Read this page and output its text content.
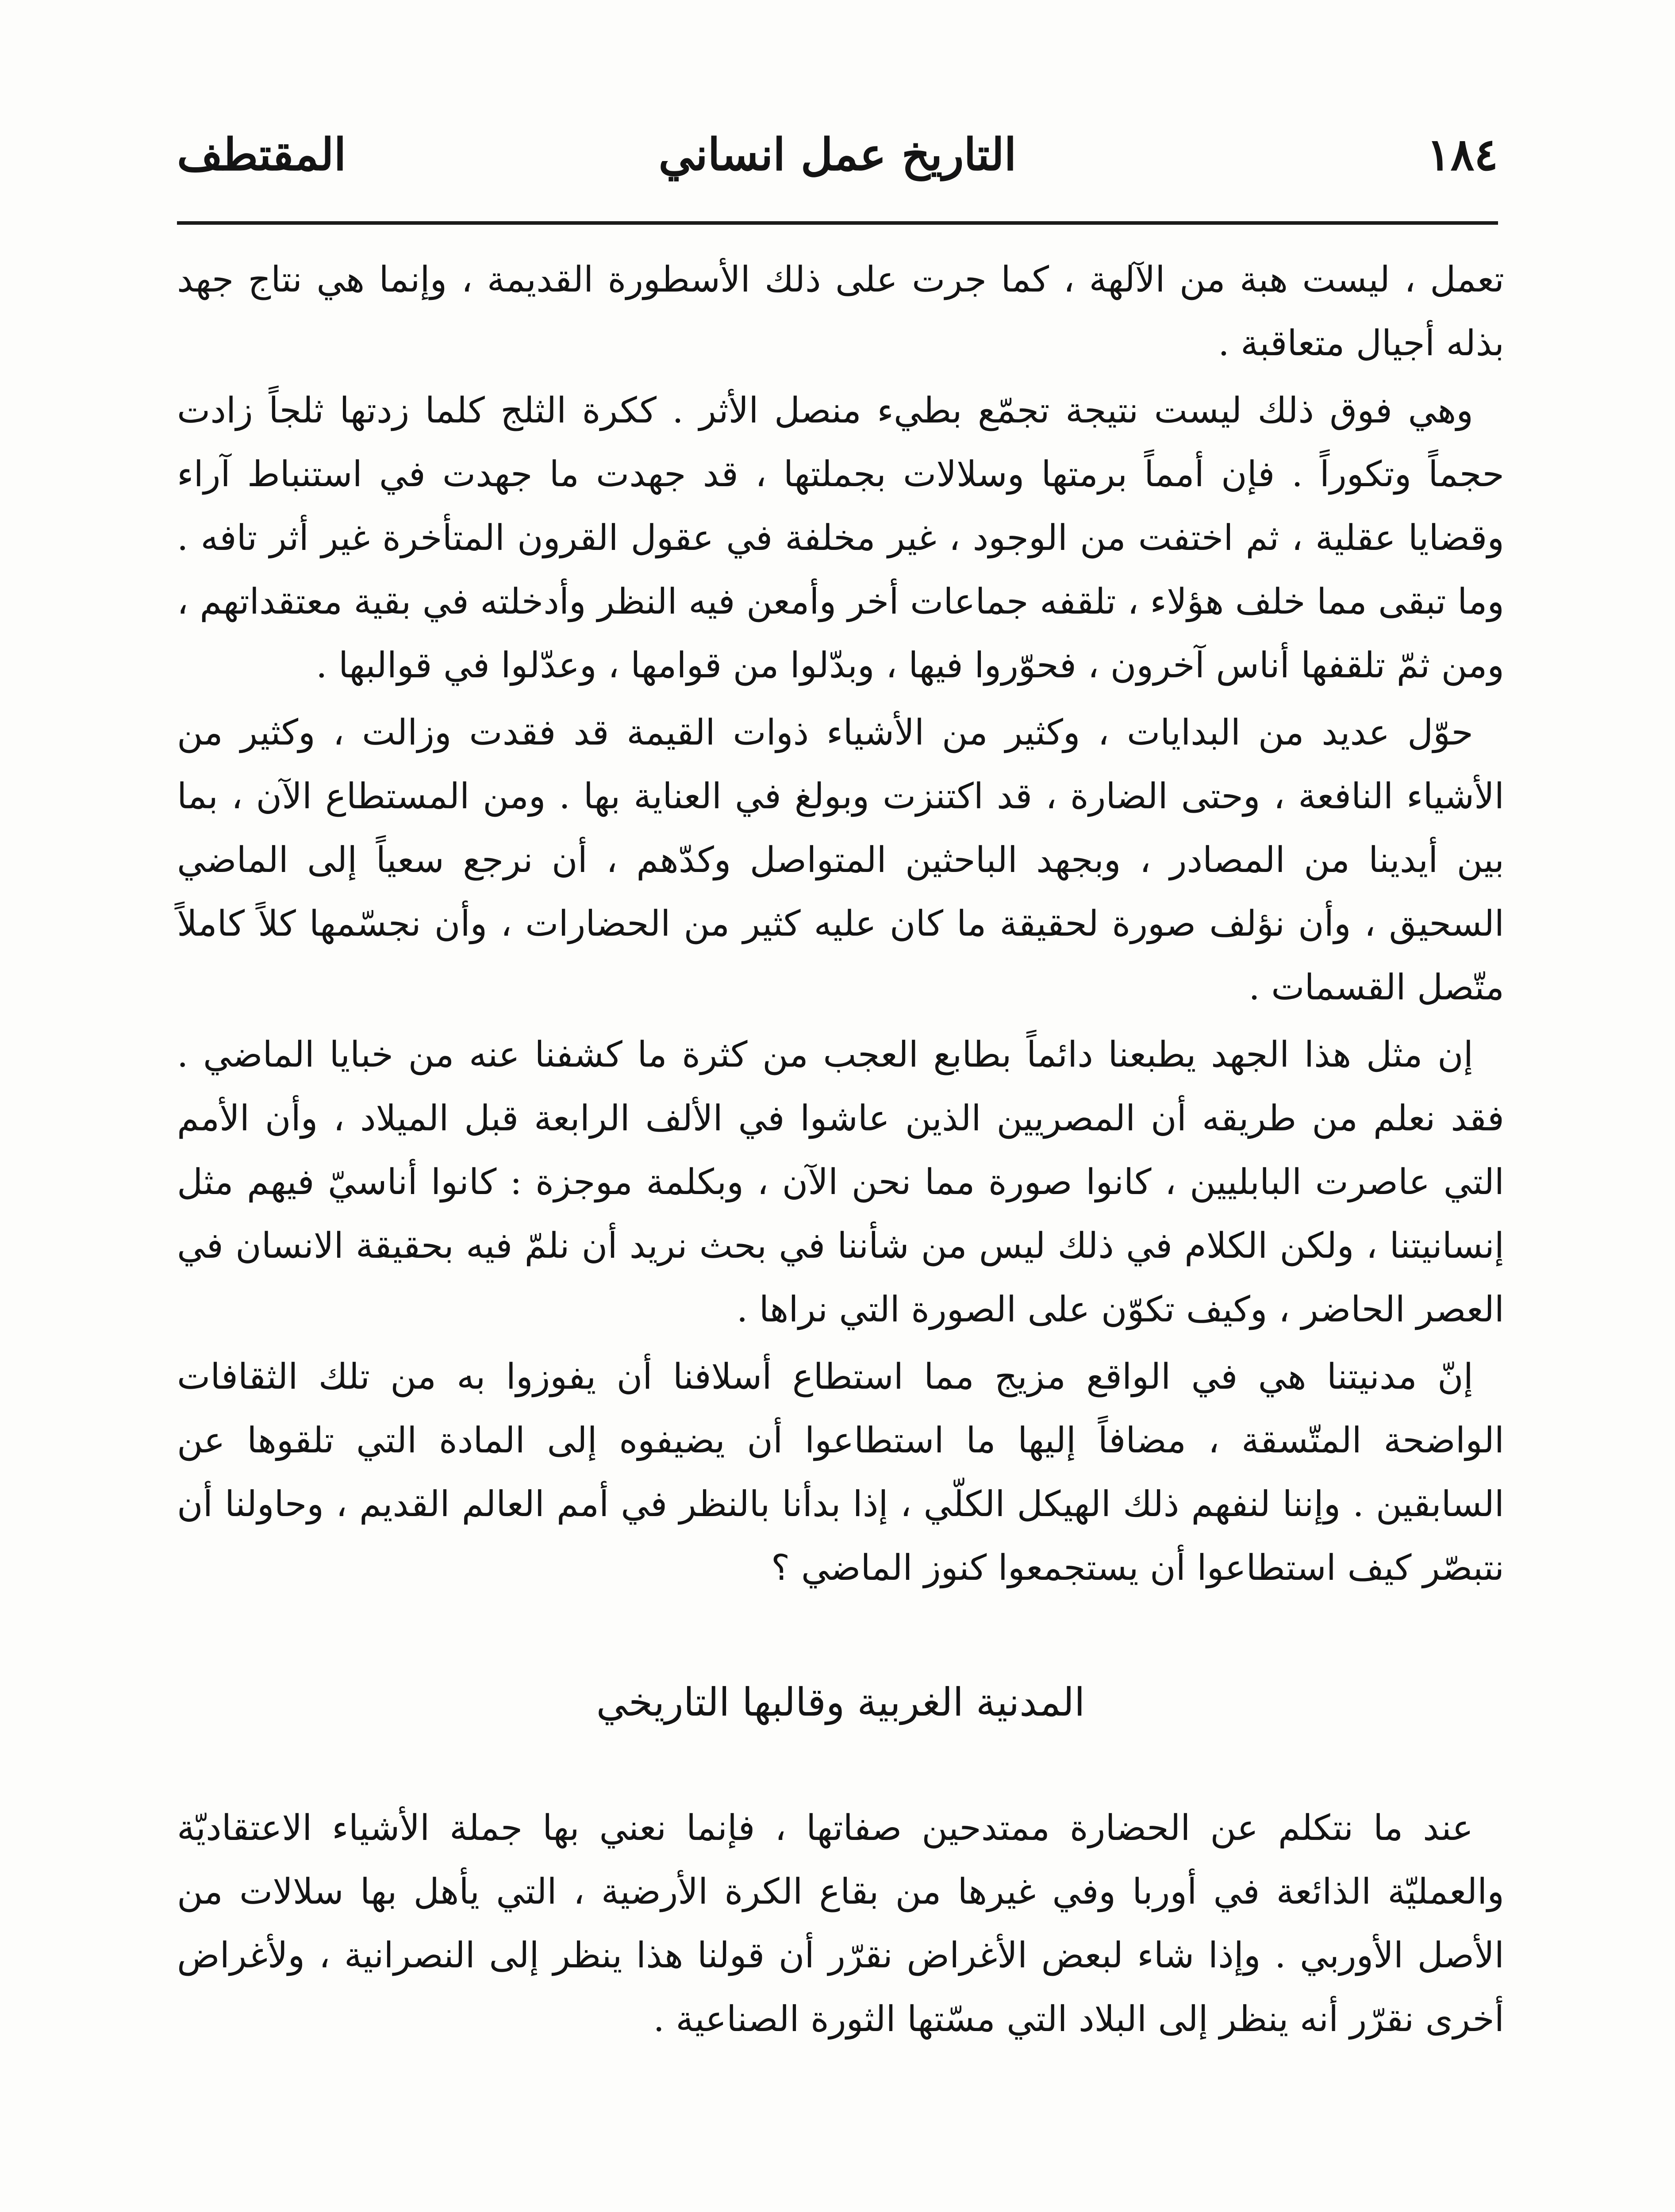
١٨٤
التاريخ عمل انساني
المقتطف

تعمل ، ليست هبة من الآلهة ، كما جرت على ذلك الأسطورة القديمة ، وإنما هي نتاج جهد بذله أجيال متعاقبة .

وهي فوق ذلك ليست نتيجة تجمّع بطيء منصل الأثر . ككرة الثلج كلما زدتها ثلجاً زادت حجماً وتكوراً . فإن أمماً برمتها وسلالات بجملتها ، قد جهدت ما جهدت في استنباط آراء وقضايا عقلية ، ثم اختفت من الوجود ، غير مخلفة في عقول القرون المتأخرة غير أثر تافه . وما تبقى مما خلف هؤلاء ، تلقفه جماعات أخر وأمعن فيه النظر وأدخلته في بقية معتقداتهم ، ومن ثمّ تلقفها أناس آخرون ، فحوّروا فيها ، وبدّلوا من قوامها ، وعدّلوا في قوالبها .

حوّل عديد من البدايات ، وكثير من الأشياء ذوات القيمة قد فقدت وزالت ، وكثير من الأشياء النافعة ، وحتى الضارة ، قد اكتنزت وبولغ في العناية بها . ومن المستطاع الآن ، بما بين أيدينا من المصادر ، وبجهد الباحثين المتواصل وكدّهم ، أن نرجع سعياً إلى الماضي السحيق ، وأن نؤلف صورة لحقيقة ما كان عليه كثير من الحضارات ، وأن نجسّمها كلاً كاملاً متّصل القسمات .

إن مثل هذا الجهد يطبعنا دائماً بطابع العجب من كثرة ما كشفنا عنه من خبايا الماضي . فقد نعلم من طريقه أن المصريين الذين عاشوا في الألف الرابعة قبل الميلاد ، وأن الأمم التي عاصرت البابليين ، كانوا صورة مما نحن الآن ، وبكلمة موجزة : كانوا أناسيّ فيهم مثل إنسانيتنا ، ولكن الكلام في ذلك ليس من شأننا في بحث نريد أن نلمّ فيه بحقيقة الانسان في العصر الحاضر ، وكيف تكوّن على الصورة التي نراها .

إنّ مدنيتنا هي في الواقع مزيج مما استطاع أسلافنا أن يفوزوا به من تلك الثقافات الواضحة المتّسقة ، مضافاً إليها ما استطاعوا أن يضيفوه إلى المادة التي تلقوها عن السابقين . وإننا لنفهم ذلك الهيكل الكلّي ، إذا بدأنا بالنظر في أمم العالم القديم ، وحاولنا أن نتبصّر كيف استطاعوا أن يستجمعوا كنوز الماضي ؟

المدنية الغربية وقالبها التاريخي

عند ما نتكلم عن الحضارة ممتدحين صفاتها ، فإنما نعني بها جملة الأشياء الاعتقاديّة والعمليّة الذائعة في أوربا وفي غيرها من بقاع الكرة الأرضية ، التي يأهل بها سلالات من الأصل الأوربي . وإذا شاء لبعض الأغراض نقرّر أن قولنا هذا ينظر إلى النصرانية ، ولأغراض أخرى نقرّر أنه ينظر إلى البلاد التي مسّتها الثورة الصناعية .
